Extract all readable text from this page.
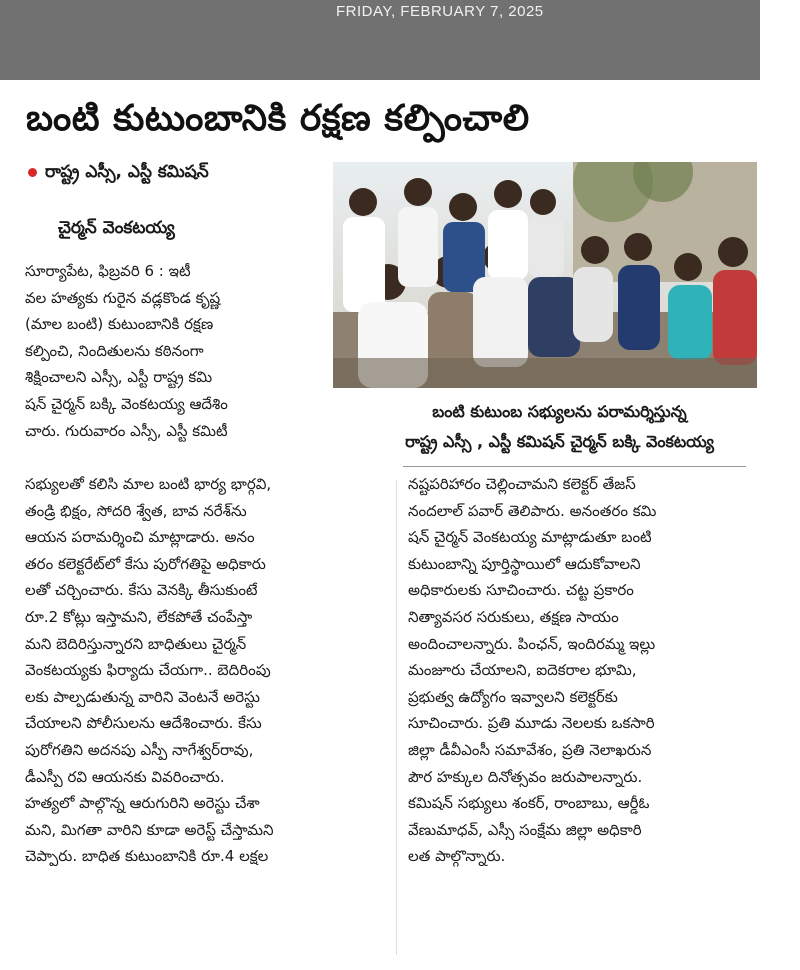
FRIDAY, FEBRUARY 7, 2025
బంటి కుటుంబానికి రక్షణ కల్పించాలి
రాష్ట్ర ఎస్సీ, ఎస్టీ కమిషన్
చైర్మన్ వెంకటయ్య
బంటి కుటుంబ సభ్యులను పరామర్శిస్తున్న
రాష్ట్ర ఎస్సీ , ఎస్టీ కమిషన్ చైర్మన్ బక్కి వెంకటయ్య
సూర్యాపేట, ఫిబ్రవరి 6 : ఇటీ
వల హత్యకు గురైన వడ్లకొండ కృష్ణ
(మాల బంటి) కుటుంబానికి రక్షణ
కల్పించి, నిందితులను కఠినంగా
శిక్షించాలని ఎస్సీ, ఎస్టీ రాష్ట్ర కమి
షన్ చైర్మన్ బక్కి వెంకటయ్య ఆదేశిం
చారు. గురువారం ఎస్సీ, ఎస్టీ కమిటీ
సభ్యులతో కలిసి మాల బంటి భార్య భార్గవి,
తండ్రి భిక్షం, సోదరి శ్వేత, బావ నరేశ్‌ను
ఆయన పరామర్శించి మాట్లాడారు. అనం
తరం కలెక్టరేట్‌లో కేసు పురోగతిపై అధికారు
లతో చర్చించారు. కేసు వెనక్కి తీసుకుంటే
రూ.2 కోట్లు ఇస్తామని, లేకపోతే చంపేస్తా
మని బెదిరిస్తున్నారని బాధితులు చైర్మన్
వెంకటయ్యకు ఫిర్యాదు చేయగా.. బెదిరింపు
లకు పాల్పడుతున్న వారిని వెంటనే అరెస్టు
చేయాలని పోలీసులను ఆదేశించారు. కేసు
పురోగతిని అదనపు ఎస్పీ నాగేశ్వర్‌రావు,
డీఎస్పీ రవి ఆయనకు వివరించారు.
హత్యలో పాల్గొన్న ఆరుగురిని అరెస్టు చేశా
మని, మిగతా వారిని కూడా అరెస్ట్ చేస్తామని
చెప్పారు. బాధిత కుటుంబానికి రూ.4 లక్షల
నష్టపరిహారం చెల్లించామని కలెక్టర్ తేజస్
నందలాల్ పవార్ తెలిపారు. అనంతరం కమి
షన్ చైర్మన్ వెంకటయ్య మాట్లాడుతూ బంటి
కుటుంబాన్ని పూర్తిస్థాయిలో ఆదుకోవాలని
అధికారులకు సూచించారు. చట్ట ప్రకారం
నిత్యావసర సరుకులు, తక్షణ సాయం
అందించాలన్నారు. పింఛన్, ఇందిరమ్మ ఇల్లు
మంజూరు చేయాలని, ఐదెకరాల భూమి,
ప్రభుత్వ ఉద్యోగం ఇవ్వాలని కలెక్టర్‌కు
సూచించారు. ప్రతి మూడు నెలలకు ఒకసారి
జిల్లా డీవీఎంసీ సమావేశం, ప్రతి నెలాఖరున
పౌర హక్కుల దినోత్సవం జరుపాలన్నారు.
కమిషన్ సభ్యులు శంకర్, రాంబాబు, ఆర్డీఓ
వేణుమాధవ్, ఎస్సీ సంక్షేమ జిల్లా అధికారి
లత పాల్గొన్నారు.
